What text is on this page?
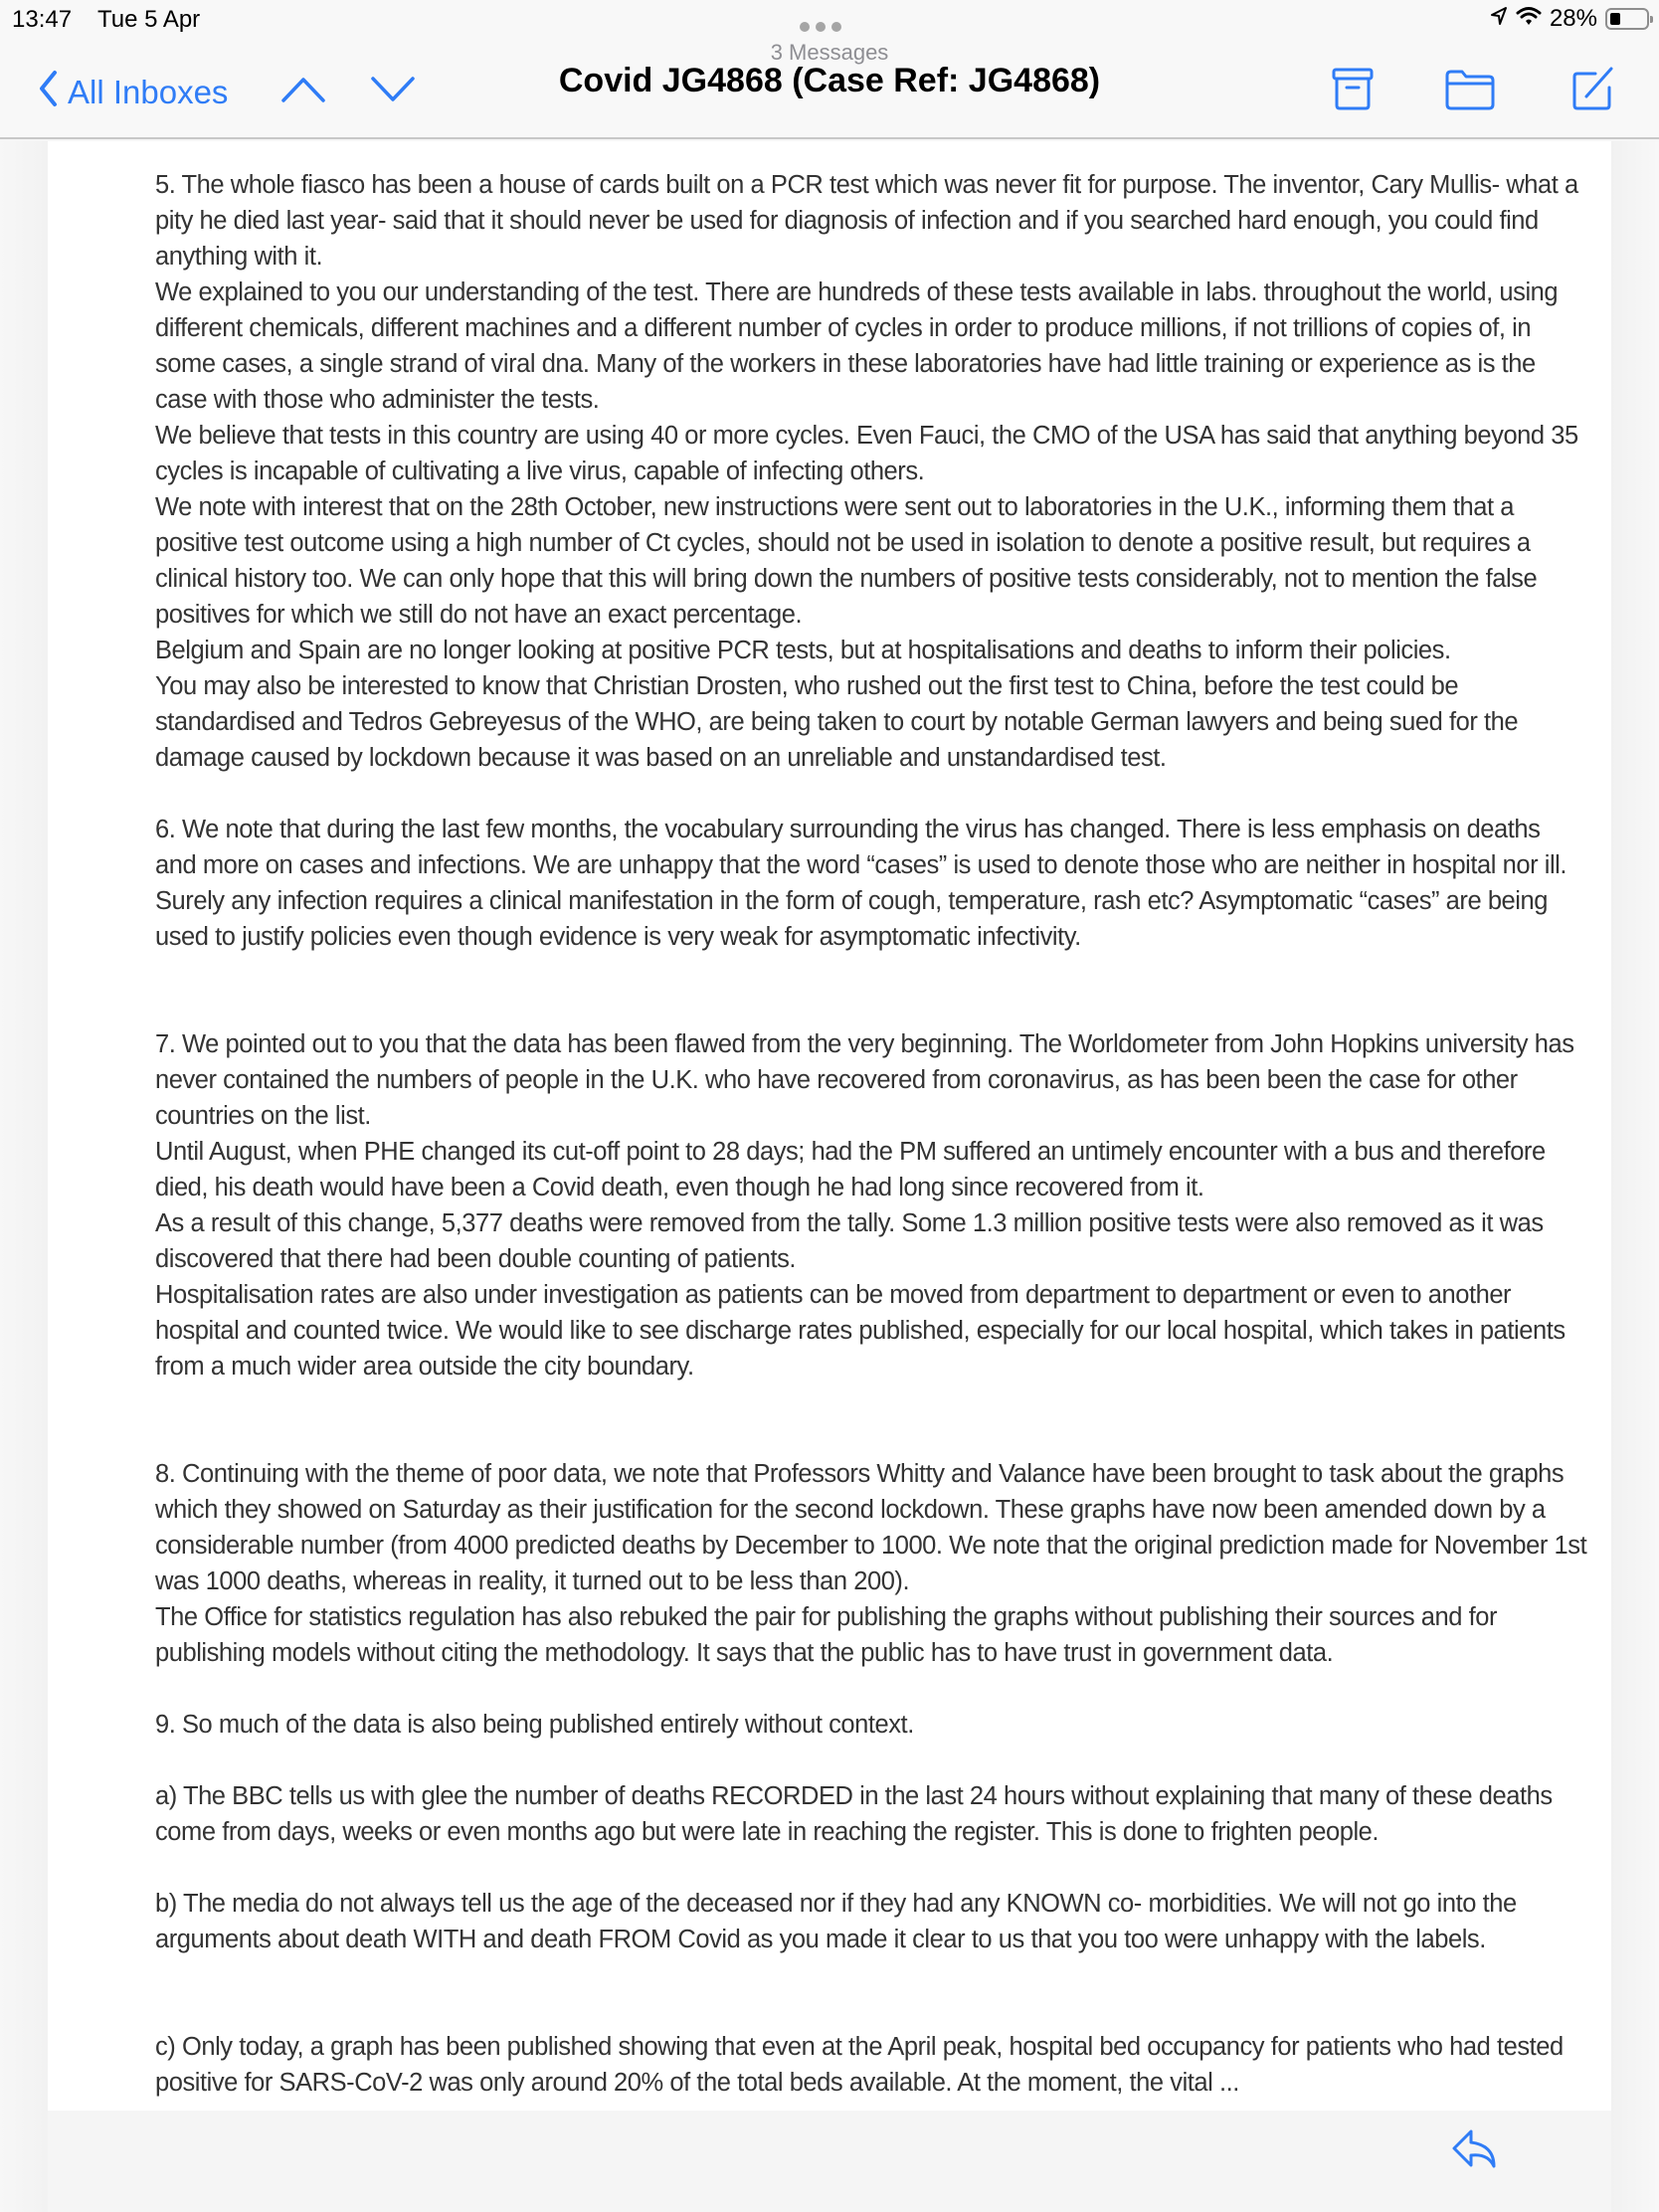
13:47 Tue 5 Apr	28%
3 Messages
Covid JG4868 (Case Ref: JG4868)
All Inboxes

5. The whole fiasco has been a house of cards built on a PCR test which was never fit for purpose. The inventor, Cary Mullis- what a pity he died last year- said that it should never be used for diagnosis of infection and if you searched hard enough, you could find anything with it.

We explained to you our understanding of the test. There are hundreds of these tests available in labs. throughout the world, using different chemicals, different machines and a different number of cycles in order to produce millions, if not trillions of copies of, in some cases, a single strand of viral dna. Many of the workers in these laboratories have had little training or experience as is the case with those who administer the tests.

We believe that tests in this country are using 40 or more cycles. Even Fauci, the CMO of the USA has said that anything beyond 35 cycles is incapable of cultivating a live virus, capable of infecting others.

We note with interest that on the 28th October, new instructions were sent out to laboratories in the U.K., informing them that a positive test outcome using a high number of Ct cycles, should not be used in isolation to denote a positive result, but requires a clinical history too. We can only hope that this will bring down the numbers of positive tests considerably, not to mention the false positives for which we still do not have an exact percentage.

Belgium and Spain are no longer looking at positive PCR tests, but at hospitalisations and deaths to inform their policies.

You may also be interested to know that Christian Drosten, who rushed out the first test to China, before the test could be standardised and Tedros Gebreyesus of the WHO, are being taken to court by notable German lawyers and being sued for the damage caused by lockdown because it was based on an unreliable and unstandardised test.

6. We note that during the last few months, the vocabulary surrounding the virus has changed. There is less emphasis on deaths and more on cases and infections. We are unhappy that the word “cases” is used to denote those who are neither in hospital nor ill. Surely any infection requires a clinical manifestation in the form of cough, temperature, rash etc? Asymptomatic “cases” are being used to justify policies even though evidence is very weak for asymptomatic infectivity.

7. We pointed out to you that the data has been flawed from the very beginning. The Worldometer from John Hopkins university has never contained the numbers of people in the U.K. who have recovered from coronavirus, as has been been the case for other countries on the list.

Until August, when PHE changed its cut-off point to 28 days; had the PM suffered an untimely encounter with a bus and therefore died, his death would have been a Covid death, even though he had long since recovered from it.

As a result of this change, 5,377 deaths were removed from the tally. Some 1.3 million positive tests were also removed as it was discovered that there had been double counting of patients.

Hospitalisation rates are also under investigation as patients can be moved from department to department or even to another hospital and counted twice. We would like to see discharge rates published, especially for our local hospital, which takes in patients from a much wider area outside the city boundary.

8. Continuing with the theme of poor data, we note that Professors Whitty and Valance have been brought to task about the graphs which they showed on Saturday as their justification for the second lockdown. These graphs have now been amended down by a considerable number (from 4000 predicted deaths by December to 1000. We note that the original prediction made for November 1st was 1000 deaths, whereas in reality, it turned out to be less than 200).

The Office for statistics regulation has also rebuked the pair for publishing the graphs without publishing their sources and for publishing models without citing the methodology. It says that the public has to have trust in government data.

9. So much of the data is also being published entirely without context.

a) The BBC tells us with glee the number of deaths RECORDED in the last 24 hours without explaining that many of these deaths come from days, weeks or even months ago but were late in reaching the register. This is done to frighten people.

b) The media do not always tell us the age of the deceased nor if they had any KNOWN co- morbidities. We will not go into the arguments about death WITH and death FROM Covid as you made it clear to us that you too were unhappy with the labels.

c) Only today, a graph has been published showing that even at the April peak, hospital bed occupancy for patients who had tested positive for SARS-CoV-2 was only around 20% of the total beds available. At the moment, the vital ...
